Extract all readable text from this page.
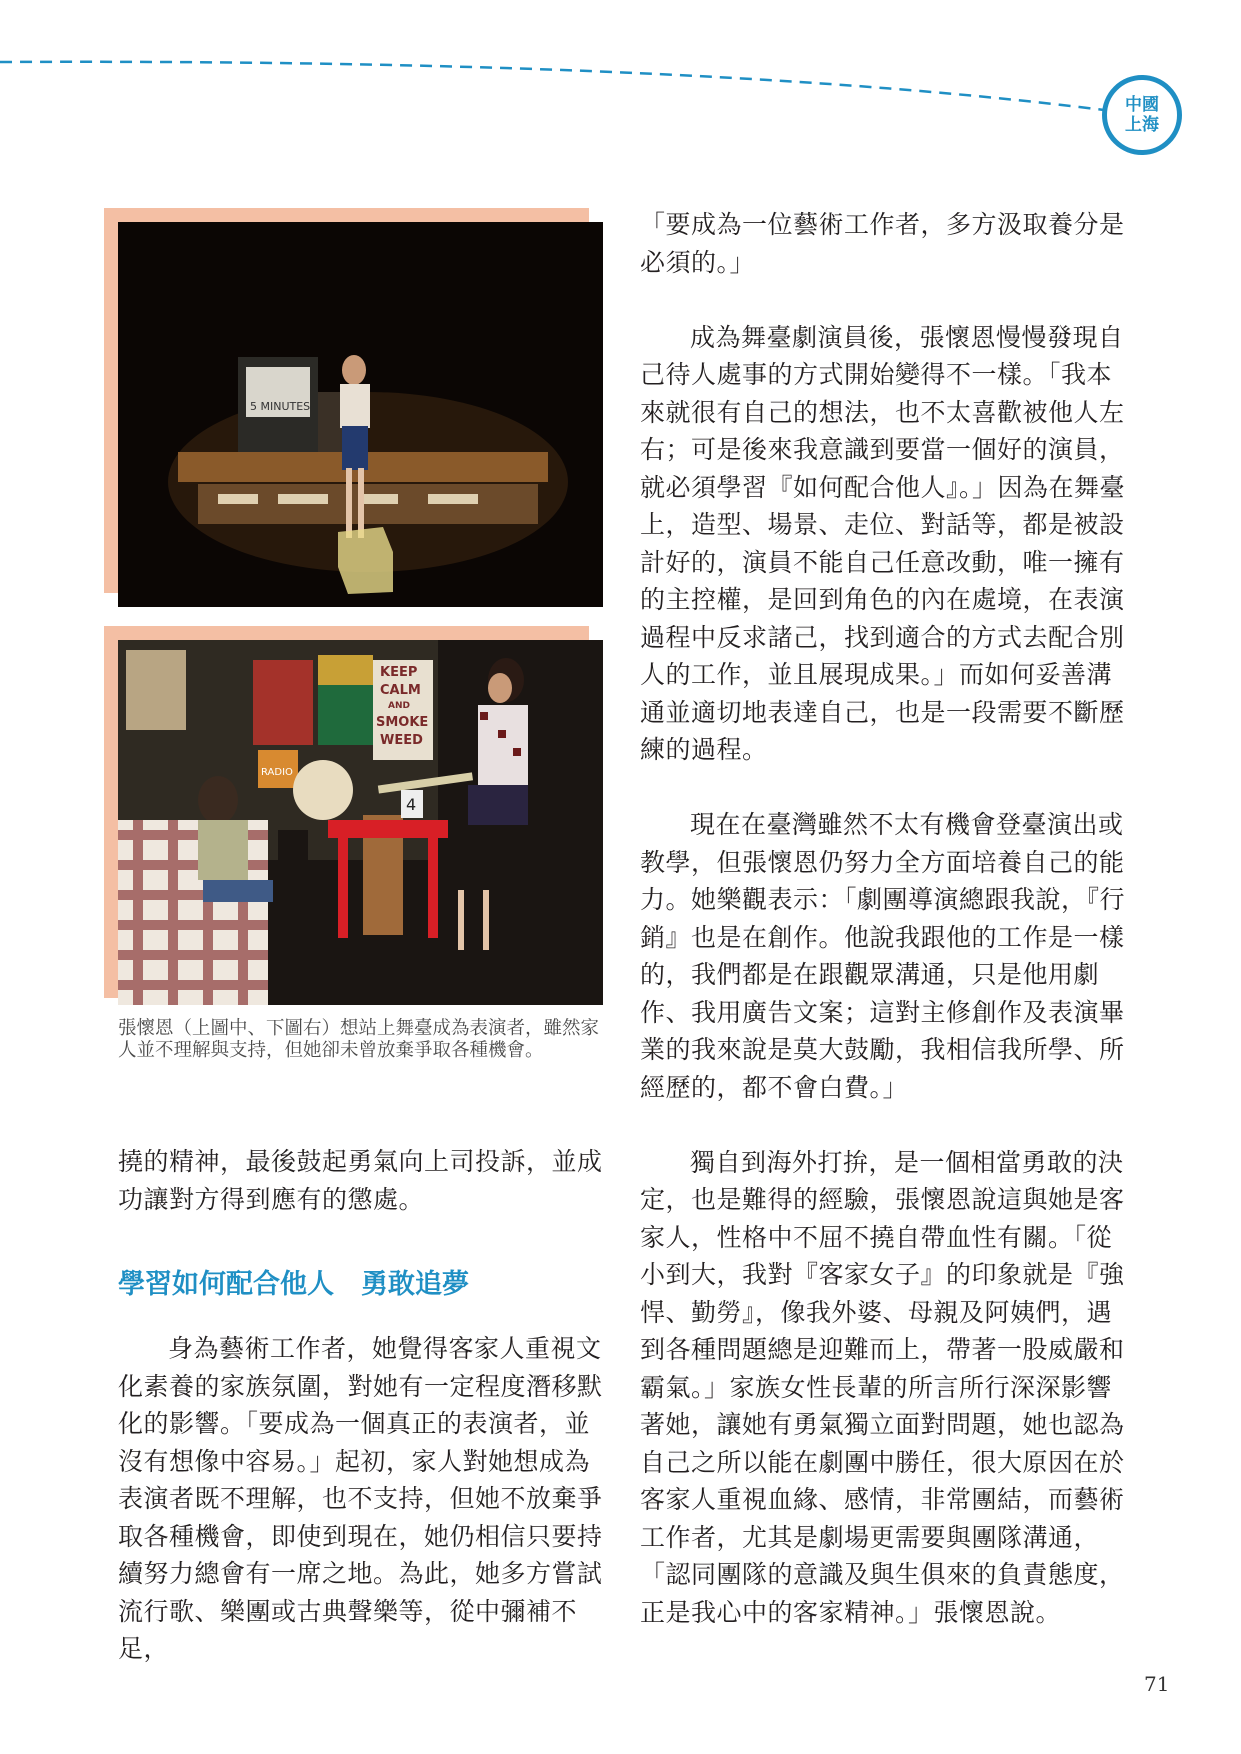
中國
上海
5 MINUTES
KEEP
CALM
AND
SMOKE
WEED
RADIO
4
張懷恩（上圖中、下圖右）想站上舞臺成為表演者，雖然家人並不理解與支持，但她卻未曾放棄爭取各種機會。

撓的精神，最後鼓起勇氣向上司投訴，並成功讓對方得到應有的懲處。

學習如何配合他人　勇敢追夢

身為藝術工作者，她覺得客家人重視文化素養的家族氛圍，對她有一定程度潛移默化的影響。「要成為一個真正的表演者，並沒有想像中容易。」起初，家人對她想成為表演者既不理解，也不支持，但她不放棄爭取各種機會，即使到現在，她仍相信只要持續努力總會有一席之地。為此，她多方嘗試流行歌、樂團或古典聲樂等，從中彌補不足，

「要成為一位藝術工作者，多方汲取養分是必須的。」

成為舞臺劇演員後，張懷恩慢慢發現自己待人處事的方式開始變得不一樣。「我本來就很有自己的想法，也不太喜歡被他人左右；可是後來我意識到要當一個好的演員，就必須學習『如何配合他人』。」因為在舞臺上，造型、場景、走位、對話等，都是被設計好的，演員不能自己任意改動，唯一擁有的主控權，是回到角色的內在處境，在表演過程中反求諸己，找到適合的方式去配合別人的工作，並且展現成果。」而如何妥善溝通並適切地表達自己，也是一段需要不斷歷練的過程。

現在在臺灣雖然不太有機會登臺演出或教學，但張懷恩仍努力全方面培養自己的能力。她樂觀表示：「劇團導演總跟我說，『行銷』也是在創作。他說我跟他的工作是一樣的，我們都是在跟觀眾溝通，只是他用劇作、我用廣告文案；這對主修創作及表演畢業的我來說是莫大鼓勵，我相信我所學、所經歷的，都不會白費。」

獨自到海外打拚，是一個相當勇敢的決定，也是難得的經驗，張懷恩說這與她是客家人，性格中不屈不撓自帶血性有關。「從小到大，我對『客家女子』的印象就是『強悍、勤勞』，像我外婆、母親及阿姨們，遇到各種問題總是迎難而上，帶著一股威嚴和霸氣。」家族女性長輩的所言所行深深影響著她，讓她有勇氣獨立面對問題，她也認為自己之所以能在劇團中勝任，很大原因在於客家人重視血緣、感情，非常團結，而藝術工作者，尤其是劇場更需要與團隊溝通，「認同團隊的意識及與生俱來的負責態度，正是我心中的客家精神。」張懷恩說。

71
